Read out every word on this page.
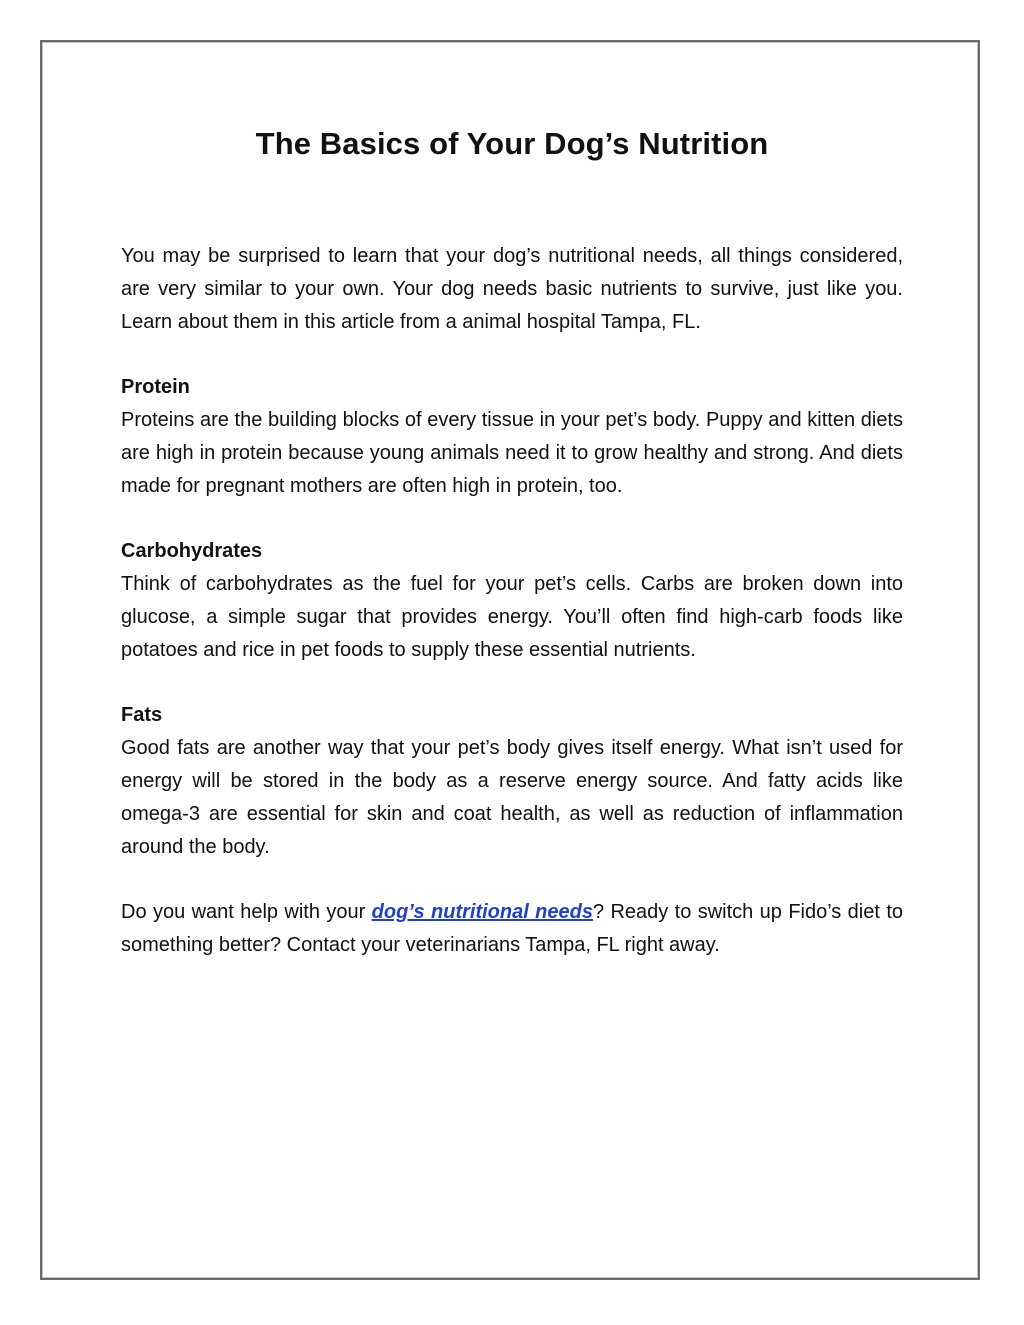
The Basics of Your Dog’s Nutrition

You may be surprised to learn that your dog’s nutritional needs, all things considered, are very similar to your own. Your dog needs basic nutrients to survive, just like you. Learn about them in this article from a animal hospital Tampa, FL.

Protein

Proteins are the building blocks of every tissue in your pet’s body. Puppy and kitten diets are high in protein because young animals need it to grow healthy and strong. And diets made for pregnant mothers are often high in protein, too.

Carbohydrates

Think of carbohydrates as the fuel for your pet’s cells. Carbs are broken down into glucose, a simple sugar that provides energy. You’ll often find high-carb foods like potatoes and rice in pet foods to supply these essential nutrients.

Fats

Good fats are another way that your pet’s body gives itself energy. What isn’t used for energy will be stored in the body as a reserve energy source. And fatty acids like omega-3 are essential for skin and coat health, as well as reduction of inflammation around the body.

Do you want help with your dog’s nutritional needs? Ready to switch up Fido’s diet to something better? Contact your veterinarians Tampa, FL right away.
